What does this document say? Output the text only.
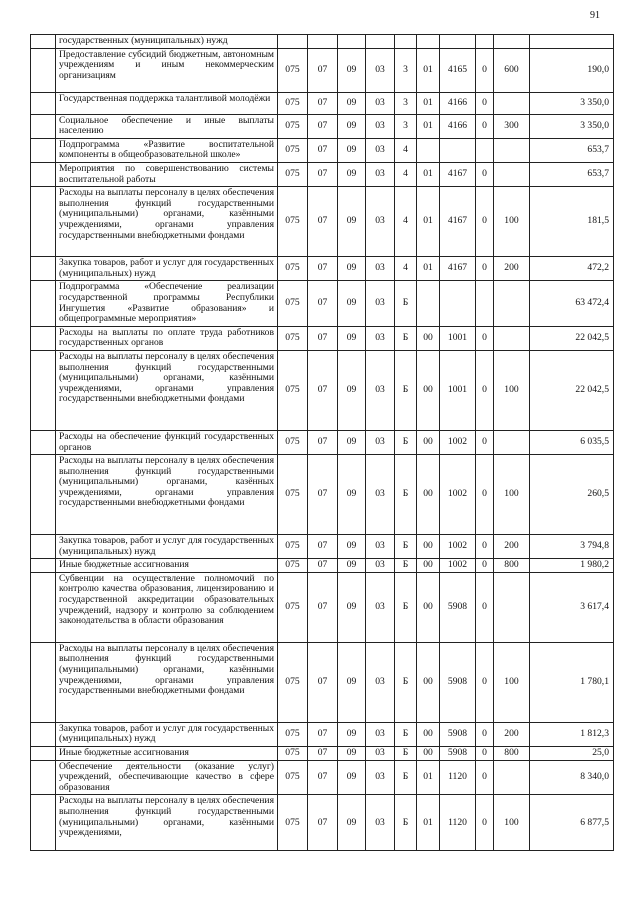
91
	государственных (муниципальных) нужд										
	Предоставление субсидий бюджетным, автономным учреждениям и иным некоммерческим организациям	075	07	09	03	3	01	4165	0	600	190,0
	Государственная поддержка талантливой молодёжи	075	07	09	03	3	01	4166	0		3 350,0
	Социальное обеспечение и иные выплаты населению	075	07	09	03	3	01	4166	0	300	3 350,0
	Подпрограмма «Развитие воспитательной компоненты в общеобразовательной школе»	075	07	09	03	4					653,7
	Мероприятия по совершенствованию системы воспитательной работы	075	07	09	03	4	01	4167	0		653,7
	Расходы на выплаты персоналу в целях обеспечения выполнения функций государственными (муниципальными) органами, казёнными учреждениями, органами управления государственными внебюджетными фондами	075	07	09	03	4	01	4167	0	100	181,5
	Закупка товаров, работ и услуг для государственных (муниципальных) нужд	075	07	09	03	4	01	4167	0	200	472,2
	Подпрограмма «Обеспечение реализации государственной программы Республики Ингушетия «Развитие образования» и общепрограммные мероприятия»	075	07	09	03	Б					63 472,4
	Расходы на выплаты по оплате труда работников государственных органов	075	07	09	03	Б	00	1001	0		22 042,5
	Расходы на выплаты персоналу в целях обеспечения выполнения функций государственными (муниципальными) органами, казёнными учреждениями, органами управления государственными внебюджетными фондами	075	07	09	03	Б	00	1001	0	100	22 042,5
	Расходы на обеспечение функций государственных органов	075	07	09	03	Б	00	1002	0		6 035,5
	Расходы на выплаты персоналу в целях обеспечения выполнения функций государственными (муниципальными) органами, казённых учреждениями, органами управления государственными внебюджетными фондами	075	07	09	03	Б	00	1002	0	100	260,5
	Закупка товаров, работ и услуг для государственных (муниципальных) нужд	075	07	09	03	Б	00	1002	0	200	3 794,8
	Иные бюджетные ассигнования	075	07	09	03	Б	00	1002	0	800	1 980,2
	Субвенции на осуществление полномочий по контролю качества образования, лицензированию и государственной аккредитации образовательных учреждений, надзору и контролю за соблюдением законодательства в области образования	075	07	09	03	Б	00	5908	0		3 617,4
	Расходы на выплаты персоналу в целях обеспечения выполнения функций государственными (муниципальными) органами, казёнными учреждениями, органами управления государственными внебюджетными фондами	075	07	09	03	Б	00	5908	0	100	1 780,1
	Закупка товаров, работ и услуг для государственных (муниципальных) нужд	075	07	09	03	Б	00	5908	0	200	1 812,3
	Иные бюджетные ассигнования	075	07	09	03	Б	00	5908	0	800	25,0
	Обеспечение деятельности (оказание услуг) учреждений, обеспечивающие качество в сфере образования	075	07	09	03	Б	01	1120	0		8 340,0
	Расходы на выплаты персоналу в целях обеспечения выполнения функций государственными (муниципальными) органами, казёнными учреждениями,	075	07	09	03	Б	01	1120	0	100	6 877,5
